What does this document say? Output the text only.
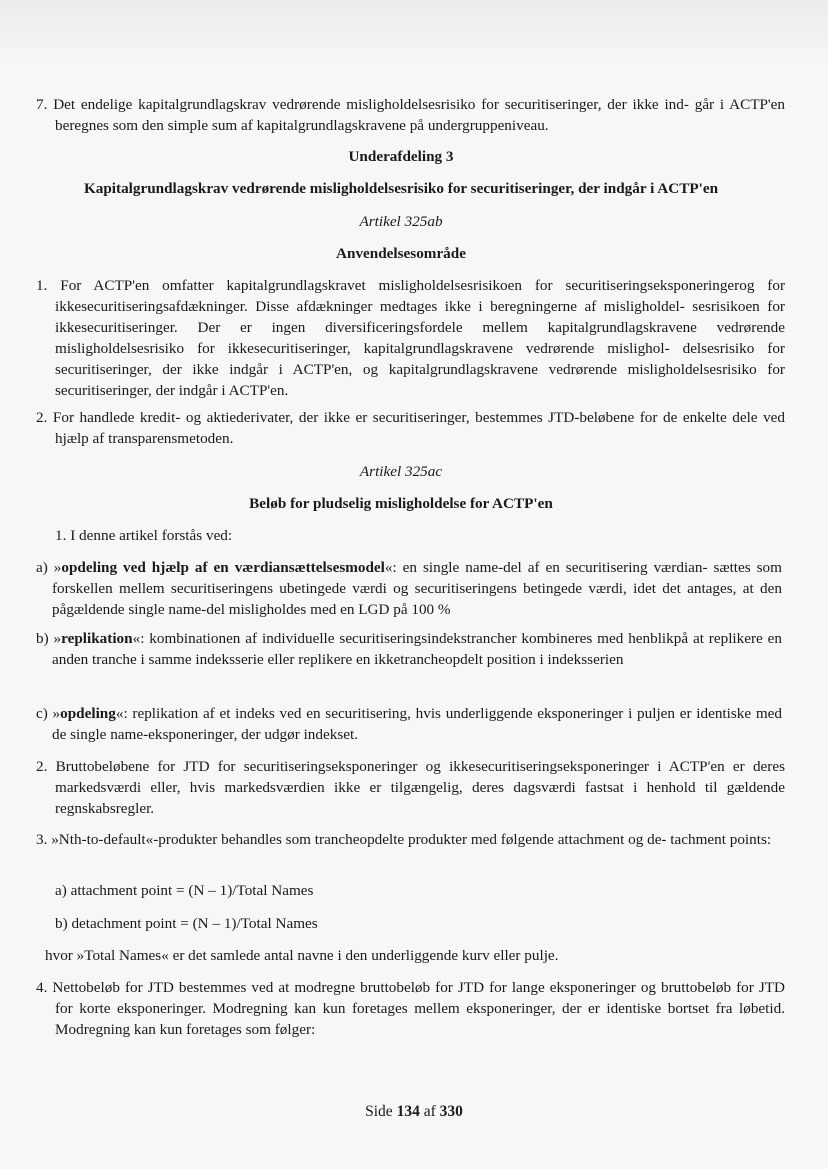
7. Det endelige kapitalgrundlagskrav vedrørende misligholdelsesrisiko for securitiseringer, der ikke ind- går i ACTP'en beregnes som den simple sum af kapitalgrundlagskravene på undergruppeniveau.
Underafdeling 3
Kapitalgrundlagskrav vedrørende misligholdelsesrisiko for securitiseringer, der indgår i ACTP'en
Artikel 325ab
Anvendelsesområde
1. For ACTP'en omfatter kapitalgrundlagskravet misligholdelsesrisikoen for securitiseringseksponeringerog for ikkesecuritiseringsafdækninger. Disse afdækninger medtages ikke i beregningerne af misligholdel- sesrisikoen for ikkesecuritiseringer. Der er ingen diversificeringsfordele mellem kapitalgrundlagskravene vedrørende misligholdelsesrisiko for ikkesecuritiseringer, kapitalgrundlagskravene vedrørende mislighol- delsesrisiko for securitiseringer, der ikke indgår i ACTP'en, og kapitalgrundlagskravene vedrørende misligholdelsesrisiko for securitiseringer, der indgår i ACTP'en.
2. For handlede kredit- og aktiederivater, der ikke er securitiseringer, bestemmes JTD-beløbene for de enkelte dele ved hjælp af transparensmetoden.
Artikel 325ac
Beløb for pludselig misligholdelse for ACTP'en
1. I denne artikel forstås ved:
a) »opdeling ved hjælp af en værdiansættelsesmodel«: en single name-del af en securitisering værdian- sættes som forskellen mellem securitiseringens ubetingede værdi og securitiseringens betingede værdi, idet det antages, at den pågældende single name-del misligholdes med en LGD på 100 %
b) »replikation«: kombinationen af individuelle securitiseringsindekstrancher kombineres med henblikpå at replikere en anden tranche i samme indeksserie eller replikere en ikketrancheopdelt position i indeksserien
c) »opdeling«: replikation af et indeks ved en securitisering, hvis underliggende eksponeringer i puljen er identiske med de single name-eksponeringer, der udgør indekset.
2. Bruttobeløbene for JTD for securitiseringseksponeringer og ikkesecuritiseringseksponeringer i ACTP'en er deres markedsværdi eller, hvis markedsværdien ikke er tilgængelig, deres dagsværdi fastsat i henhold til gældende regnskabsregler.
3. »Nth-to-default«-produkter behandles som trancheopdelte produkter med følgende attachment og de- tachment points:
a) attachment point = (N – 1)/Total Names
b) detachment point = (N – 1)/Total Names
hvor »Total Names« er det samlede antal navne i den underliggende kurv eller pulje.
4. Nettobeløb for JTD bestemmes ved at modregne bruttobeløb for JTD for lange eksponeringer og bruttobeløb for JTD for korte eksponeringer. Modregning kan kun foretages mellem eksponeringer, der er identiske bortset fra løbetid. Modregning kan kun foretages som følger:
Side 134 af 330
